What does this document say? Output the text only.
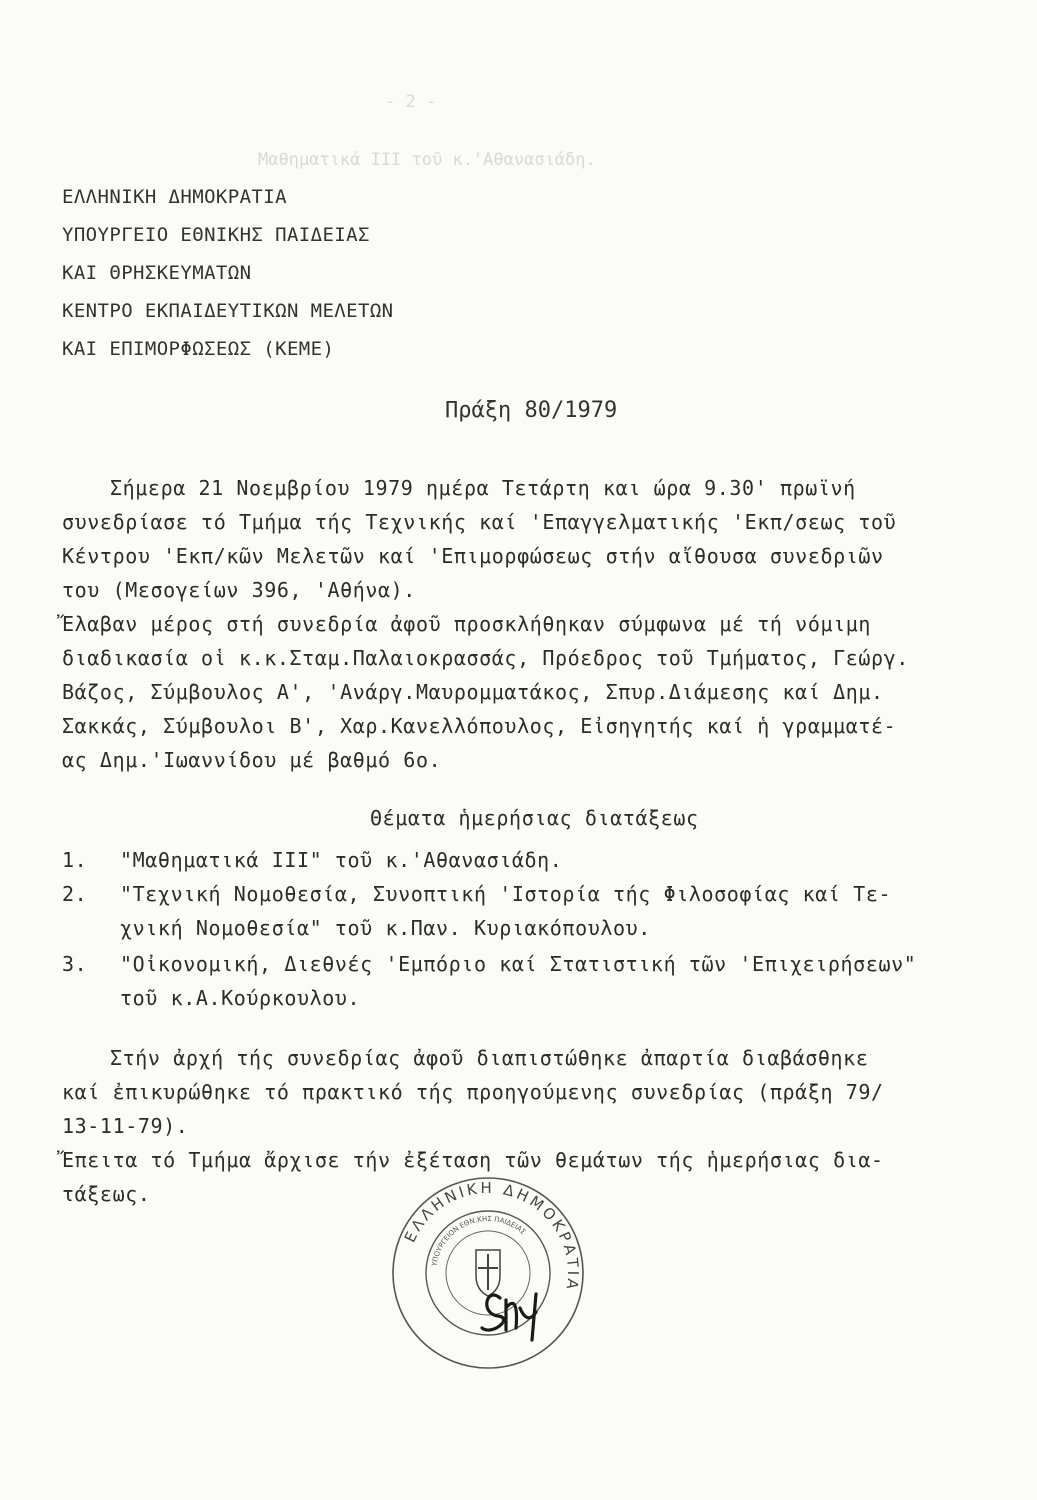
- 2 -
Μαθηματικά III τοῦ κ.'Αθανασιάδη.
ΕΛΛΗΝΙΚΗ ΔΗΜΟΚΡΑΤΙΑ
ΥΠΟΥΡΓΕΙΟ ΕΘΝΙΚΗΣ ΠΑΙΔΕΙΑΣ
ΚΑΙ ΘΡΗΣΚΕΥΜΑΤΩΝ
ΚΕΝΤΡΟ ΕΚΠΑΙΔΕΥΤΙΚΩΝ ΜΕΛΕΤΩΝ
ΚΑΙ ΕΠΙΜΟΡΦΩΣΕΩΣ (ΚΕΜΕ)
Πράξη 80/1979
Σήμερα 21 Νοεμβρίου 1979 ημέρα Τετάρτη και ώρα 9.30' πρωϊνή
συνεδρίασε τό Τμήμα τής Τεχνικής καί 'Επαγγελματικής 'Εκπ/σεως τοῦ
Κέντρου 'Εκπ/κῶν Μελετῶν καί 'Επιμορφώσεως στήν αἴθουσα συνεδριῶν
του (Μεσογείων 396, 'Αθήνα).
Ἔλαβαν μέρος στή συνεδρία ἀφοῦ προσκλήθηκαν σύμφωνα μέ τή νόμιμη
διαδικασία οἱ κ.κ.Σταμ.Παλαιοκρασσάς, Πρόεδρος τοῦ Τμήματος, Γεώργ.
Βάζος, Σύμβουλος Α', 'Ανάργ.Μαυρομματάκος, Σπυρ.Διάμεσης καί Δημ.
Σακκάς, Σύμβουλοι Β', Χαρ.Κανελλόπουλος, Εἰσηγητής καί ἡ γραμματέ-
ας Δημ.'Ιωαννίδου μέ βαθμό 6ο.
Θέματα ἡμερήσιας διατάξεως
1. "Μαθηματικά III" τοῦ κ.'Αθανασιάδη.
2. "Τεχνική Νομοθεσία, Συνοπτική 'Ιστορία τής Φιλοσοφίας καί Τε-
χνική Νομοθεσία" τοῦ κ.Παν. Κυριακόπουλου.
3. "Οἰκονομική, Διεθνές 'Εμπόριο καί Στατιστική τῶν 'Επιχειρήσεων"
τοῦ κ.Α.Κούρκουλου.
Στήν ἀρχή τής συνεδρίας ἀφοῦ διαπιστώθηκε ἀπαρτία διαβάσθηκε
καί ἐπικυρώθηκε τό πρακτικό τής προηγούμενης συνεδρίας (πράξη 79/
13-11-79).
Ἔπειτα τό Τμήμα ἄρχισε τήν ἐξέταση τῶν θεμάτων τής ἡμερήσιας δια-
τάξεως.
ΕΛΛΗΝΙΚΗ ΔΗΜΟΚΡΑΤΙΑ
ΥΠΟΥΡΓΕΙΟΝ ΕΘΝ.ΚΗΣ ΠΑΙΔΕΙΑΣ
